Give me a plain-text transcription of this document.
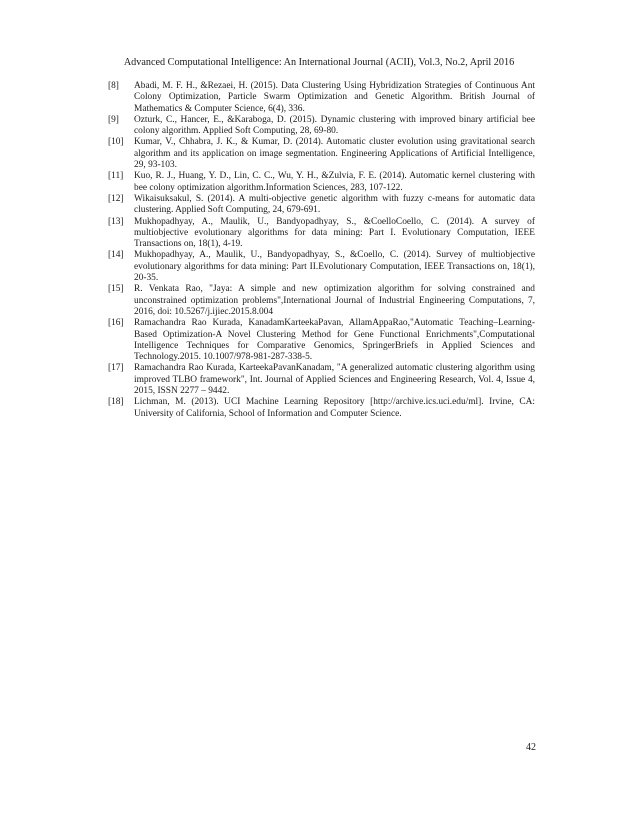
Advanced Computational Intelligence: An International Journal (ACII), Vol.3, No.2, April 2016
[8] Abadi, M. F. H., &Rezaei, H. (2015). Data Clustering Using Hybridization Strategies of Continuous Ant Colony Optimization, Particle Swarm Optimization and Genetic Algorithm. British Journal of Mathematics & Computer Science, 6(4), 336.
[9] Ozturk, C., Hancer, E., &Karaboga, D. (2015). Dynamic clustering with improved binary artificial bee colony algorithm. Applied Soft Computing, 28, 69-80.
[10] Kumar, V., Chhabra, J. K., & Kumar, D. (2014). Automatic cluster evolution using gravitational search algorithm and its application on image segmentation. Engineering Applications of Artificial Intelligence, 29, 93-103.
[11] Kuo, R. J., Huang, Y. D., Lin, C. C., Wu, Y. H., &Zulvia, F. E. (2014). Automatic kernel clustering with bee colony optimization algorithm.Information Sciences, 283, 107-122.
[12] Wikaisuksakul, S. (2014). A multi-objective genetic algorithm with fuzzy c-means for automatic data clustering. Applied Soft Computing, 24, 679-691.
[13] Mukhopadhyay, A., Maulik, U., Bandyopadhyay, S., &CoelloCoello, C. (2014). A survey of multiobjective evolutionary algorithms for data mining: Part I. Evolutionary Computation, IEEE Transactions on, 18(1), 4-19.
[14] Mukhopadhyay, A., Maulik, U., Bandyopadhyay, S., &Coello, C. (2014). Survey of multiobjective evolutionary algorithms for data mining: Part II.Evolutionary Computation, IEEE Transactions on, 18(1), 20-35.
[15] R. Venkata Rao, "Jaya: A simple and new optimization algorithm for solving constrained and unconstrained optimization problems",International Journal of Industrial Engineering Computations, 7, 2016, doi: 10.5267/j.ijiec.2015.8.004
[16] Ramachandra Rao Kurada, KanadamKarteekaPavan, AllamAppaRao,"Automatic Teaching–Learning-Based Optimization-A Novel Clustering Method for Gene Functional Enrichments",Computational Intelligence Techniques for Comparative Genomics, SpringerBriefs in Applied Sciences and Technology.2015. 10.1007/978-981-287-338-5.
[17] Ramachandra Rao Kurada, KarteekaPavanKanadam, "A generalized automatic clustering algorithm using improved TLBO framework", Int. Journal of Applied Sciences and Engineering Research, Vol. 4, Issue 4, 2015, ISSN 2277 – 9442.
[18] Lichman, M. (2013). UCI Machine Learning Repository [http://archive.ics.uci.edu/ml]. Irvine, CA: University of California, School of Information and Computer Science.
42
